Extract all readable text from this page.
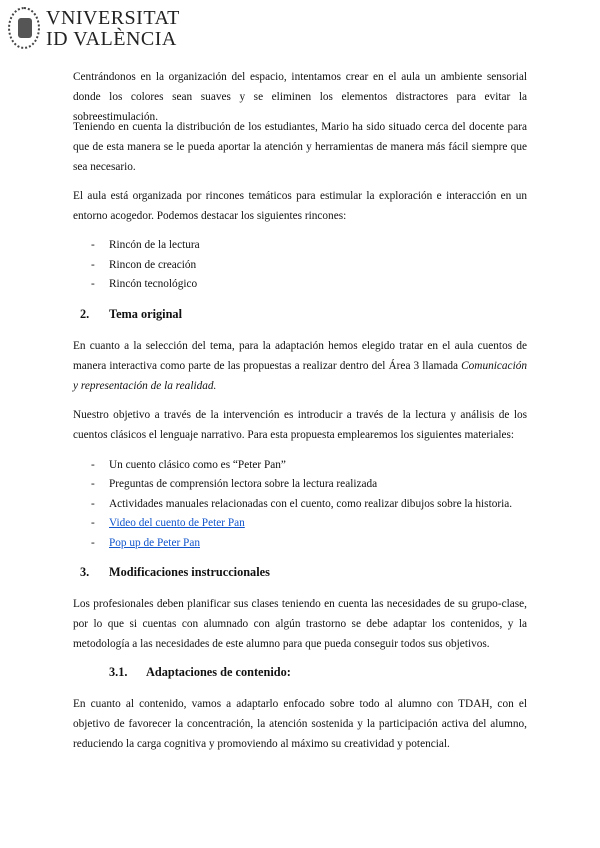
VNIVERSITAT
ID VALÈNCIA
Centrándonos en la organización del espacio, intentamos crear en el aula un ambiente sensorial donde los colores sean suaves y se eliminen los elementos distractores para evitar la sobreestimulación.
Teniendo en cuenta la distribución de los estudiantes, Mario ha sido situado cerca del docente para que de esta manera se le pueda aportar la atención y herramientas de manera más fácil siempre que sea necesario.
El aula está organizada por rincones temáticos para estimular la exploración e interacción en un entorno acogedor. Podemos destacar los siguientes rincones:
- Rincón de la lectura
- Rincon de creación
- Rincón tecnológico
2. Tema original
En cuanto a la selección del tema, para la adaptación hemos elegido tratar en el aula cuentos de manera interactiva como parte de las propuestas a realizar dentro del Área 3 llamada Comunicación y representación de la realidad.
Nuestro objetivo a través de la intervención es introducir a través de la lectura y análisis de los cuentos clásicos el lenguaje narrativo. Para esta propuesta emplearemos los siguientes materiales:
- Un cuento clásico como es “Peter Pan”
- Preguntas de comprensión lectora sobre la lectura realizada
- Actividades manuales relacionadas con el cuento, como realizar dibujos sobre la historia.
- Video del cuento de Peter Pan
- Pop up de Peter Pan
3. Modificaciones instruccionales
Los profesionales deben planificar sus clases teniendo en cuenta las necesidades de su grupo-clase, por lo que si cuentas con alumnado con algún trastorno se debe adaptar los contenidos, y la metodología a las necesidades de este alumno para que pueda conseguir todos sus objetivos.
3.1. Adaptaciones de contenido:
En cuanto al contenido, vamos a adaptarlo enfocado sobre todo al alumno con TDAH, con el objetivo de favorecer la concentración, la atención sostenida y la participación activa del alumno, reduciendo la carga cognitiva y promoviendo al máximo su creatividad y potencial.
